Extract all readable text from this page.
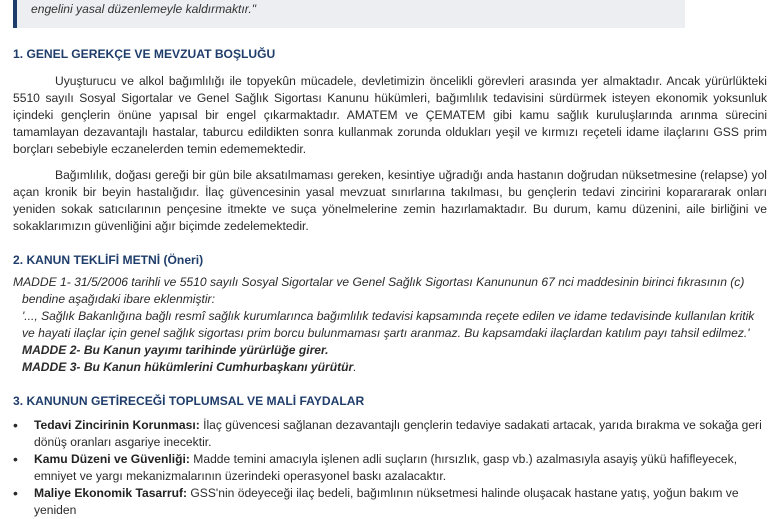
engelini yasal düzenlemeyle kaldırmaktır."
1. GENEL GEREKÇE VE MEVZUAT BOŞLUĞU

Uyuşturucu ve alkol bağımlılığı ile topyekûn mücadele, devletimizin öncelikli görevleri arasında yer almaktadır. Ancak yürürlükteki 5510 sayılı Sosyal Sigortalar ve Genel Sağlık Sigortası Kanunu hükümleri, bağımlılık tedavisini sürdürmek isteyen ekonomik yoksunluk içindeki gençlerin önüne yapısal bir engel çıkarmaktadır. AMATEM ve ÇEMATEM gibi kamu sağlık kuruluşlarında arınma sürecini tamamlayan dezavantajlı hastalar, taburcu edildikten sonra kullanmak zorunda oldukları yeşil ve kırmızı reçeteli idame ilaçlarını GSS prim borçları sebebiyle eczanelerden temin edememektedir.

Bağımlılık, doğası gereği bir gün bile aksatılmaması gereken, kesintiye uğradığı anda hastanın doğrudan nüksetmesine (relapse) yol açan kronik bir beyin hastalığıdır. İlaç güvencesinin yasal mevzuat sınırlarına takılması, bu gençlerin tedavi zincirini koparararak onları yeniden sokak satıcılarının pençesine itmekte ve suça yönelmelerine zemin hazırlamaktadır. Bu durum, kamu düzenini, aile birliğini ve sokaklarımızın güvenliğini ağır biçimde zedelemektedir.

2. KANUN TEKLİFİ METNİ (Öneri)
MADDE 1- 31/5/2006 tarihli ve 5510 sayılı Sosyal Sigortalar ve Genel Sağlık Sigortası Kanununun 67 nci maddesinin birinci fıkrasının (c)
bendine aşağıdaki ibare eklenmiştir:
'..., Sağlık Bakanlığına bağlı resmî sağlık kurumlarınca bağımlılık tedavisi kapsamında reçete edilen ve idame tedavisinde kullanılan kritik
ve hayati ilaçlar için genel sağlık sigortası prim borcu bulunmaması şartı aranmaz. Bu kapsamdaki ilaçlardan katılım payı tahsil edilmez.'
MADDE 2- Bu Kanun yayımı tarihinde yürürlüğe girer.
MADDE 3- Bu Kanun hükümlerini Cumhurbaşkanı yürütür.
3. KANUNUN GETİRECEĞİ TOPLUMSAL VE MALİ FAYDALAR
• Tedavi Zincirinin Korunması: İlaç güvencesi sağlanan dezavantajlı gençlerin tedaviye sadakati artacak, yarıda bırakma ve sokağa geri dönüş oranları asgariye inecektir.
• Kamu Düzeni ve Güvenliği: Madde temini amacıyla işlenen adli suçların (hırsızlık, gasp vb.) azalmasıyla asayiş yükü hafifleyecek, emniyet ve yargı mekanizmalarının üzerindeki operasyonel baskı azalacaktır.
• Maliye Ekonomik Tasarruf: GSS'nin ödeyeceği ilaç bedeli, bağımlının nüksetmesi halinde oluşacak hastane yatış, yoğun bakım ve yeniden
